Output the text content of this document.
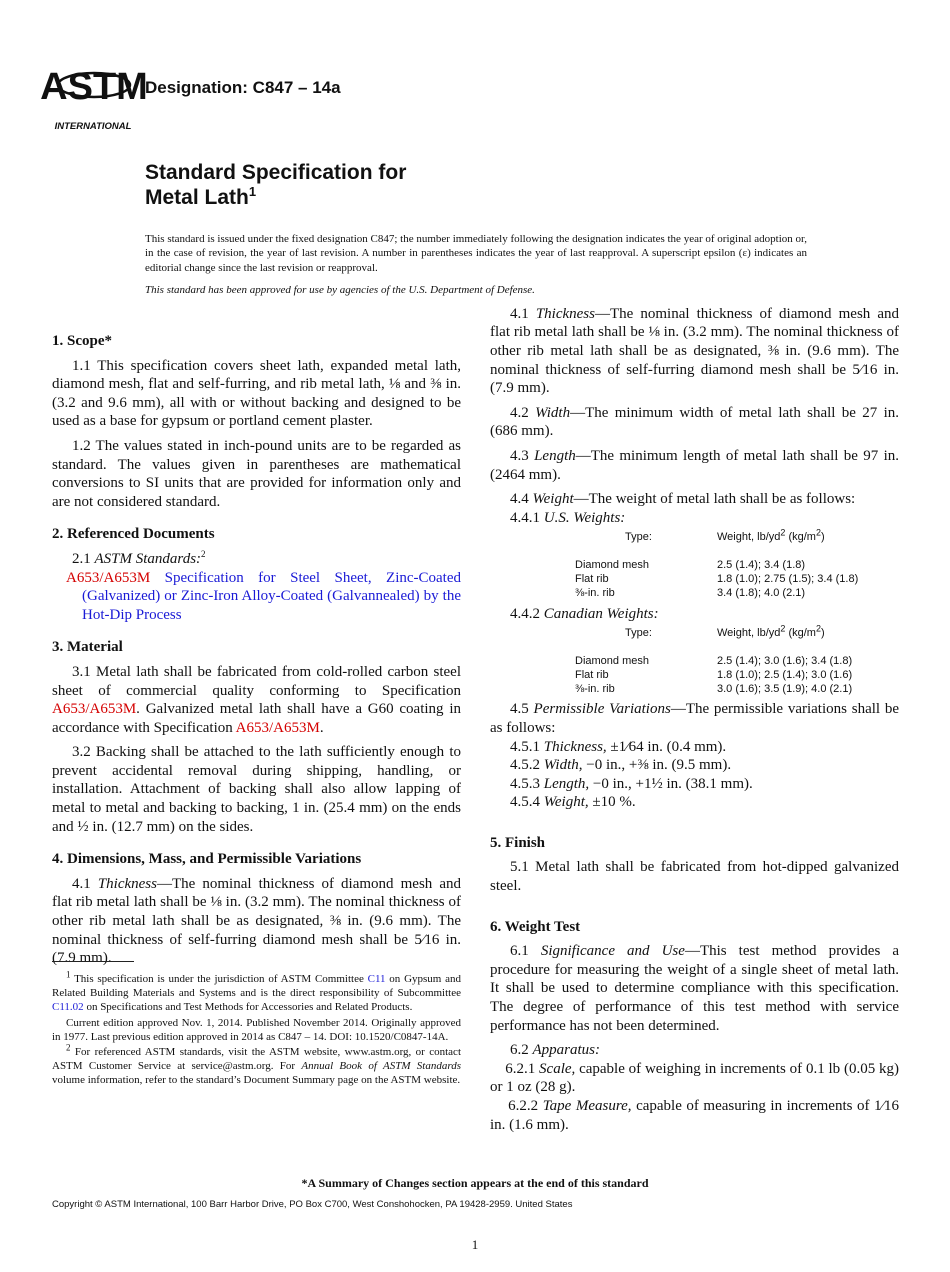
ASTM
INTERNATIONAL
Designation: C847 – 14a
Standard Specification for
Metal Lath$^1$

This standard is issued under the fixed designation C847; the number immediately following the designation indicates the year of original adoption or, in the case of revision, the year of last revision. A number in parentheses indicates the year of last reapproval. A superscript epsilon (ε) indicates an editorial change since the last revision or reapproval.

This standard has been approved for use by agencies of the U.S. Department of Defense.

1. Scope*

1.1 This specification covers sheet lath, expanded metal lath, diamond mesh, flat and self-furring, and rib metal lath, ⅛ and ⅜ in. (3.2 and 9.6 mm), all with or without backing and designed to be used as a base for gypsum or portland cement plaster.

1.2 The values stated in inch-pound units are to be regarded as standard. The values given in parentheses are mathematical conversions to SI units that are provided for information only and are not considered standard.

2. Referenced Documents

2.1 ASTM Standards:$^2$

A653/A653M Specification for Steel Sheet, Zinc-Coated (Galvanized) or Zinc-Iron Alloy-Coated (Galvannealed) by the Hot-Dip Process

3. Material

3.1 Metal lath shall be fabricated from cold-rolled carbon steel sheet of commercial quality conforming to Specification A653/A653M. Galvanized metal lath shall have a G60 coating in accordance with Specification A653/A653M.

3.2 Backing shall be attached to the lath sufficiently enough to prevent accidental removal during shipping, handling, or installation. Attachment of backing shall also allow lapping of metal to metal and backing to backing, 1 in. (25.4 mm) on the ends and ½ in. (12.7 mm) on the sides.

4. Dimensions, Mass, and Permissible Variations

4.1 Thickness—The nominal thickness of diamond mesh and flat rib metal lath shall be ⅛ in. (3.2 mm). The nominal thickness of other rib metal lath shall be as designated, ⅜ in. (9.6 mm). The nominal thickness of self-furring diamond mesh shall be 5⁄16 in. (7.9 mm).

$^1$ This specification is under the jurisdiction of ASTM Committee C11 on Gypsum and Related Building Materials and Systems and is the direct responsibility of Subcommittee C11.02 on Specifications and Test Methods for Accessories and Related Products.

Current edition approved Nov. 1, 2014. Published November 2014. Originally approved in 1977. Last previous edition approved in 2014 as C847 – 14. DOI: 10.1520/C0847-14A.

$^2$ For referenced ASTM standards, visit the ASTM website, www.astm.org, or contact ASTM Customer Service at service@astm.org. For Annual Book of ASTM Standards volume information, refer to the standard’s Document Summary page on the ASTM website.

4.1 Thickness—The nominal thickness of diamond mesh and flat rib metal lath shall be ⅛ in. (3.2 mm). The nominal thickness of other rib metal lath shall be as designated, ⅜ in. (9.6 mm). The nominal thickness of self-furring diamond mesh shall be 5⁄16 in. (7.9 mm).

4.2 Width—The minimum width of metal lath shall be 27 in. (686 mm).

4.3 Length—The minimum length of metal lath shall be 97 in. (2464 mm).

4.4 Weight—The weight of metal lath shall be as follows:

4.4.1 U.S. Weights:

Type:	Weight, $lb/yd^2$ $(kg/m^2)$
Diamond mesh	2.5 (1.4); 3.4 (1.8)
Flat rib	1.8 (1.0); 2.75 (1.5); 3.4 (1.8)
⅜-in. rib	3.4 (1.8); 4.0 (2.1)

4.4.2 Canadian Weights:

Type:	Weight, $lb/yd^2$ $(kg/m^2)$
Diamond mesh	2.5 (1.4); 3.0 (1.6); 3.4 (1.8)
Flat rib	1.8 (1.0); 2.5 (1.4); 3.0 (1.6)
⅜-in. rib	3.0 (1.6); 3.5 (1.9); 4.0 (2.1)

4.5 Permissible Variations—The permissible variations shall be as follows:

4.5.1 Thickness, ±1⁄64 in. (0.4 mm).

4.5.2 Width, −0 in., +⅜ in. (9.5 mm).

4.5.3 Length, −0 in., +1½ in. (38.1 mm).

4.5.4 Weight, ±10 %.

5. Finish

5.1 Metal lath shall be fabricated from hot-dipped galvanized steel.

6. Weight Test

6.1 Significance and Use—This test method provides a procedure for measuring the weight of a single sheet of metal lath. It shall be used to determine compliance with this specification. The degree of performance of this test method with service performance has not been determined.

6.2 Apparatus:

6.2.1 Scale, capable of weighing in increments of 0.1 lb (0.05 kg) or 1 oz (28 g).

6.2.2 Tape Measure, capable of measuring in increments of 1⁄16 in. (1.6 mm).

*A Summary of Changes section appears at the end of this standard
Copyright © ASTM International, 100 Barr Harbor Drive, PO Box C700, West Conshohocken, PA 19428-2959. United States
1
